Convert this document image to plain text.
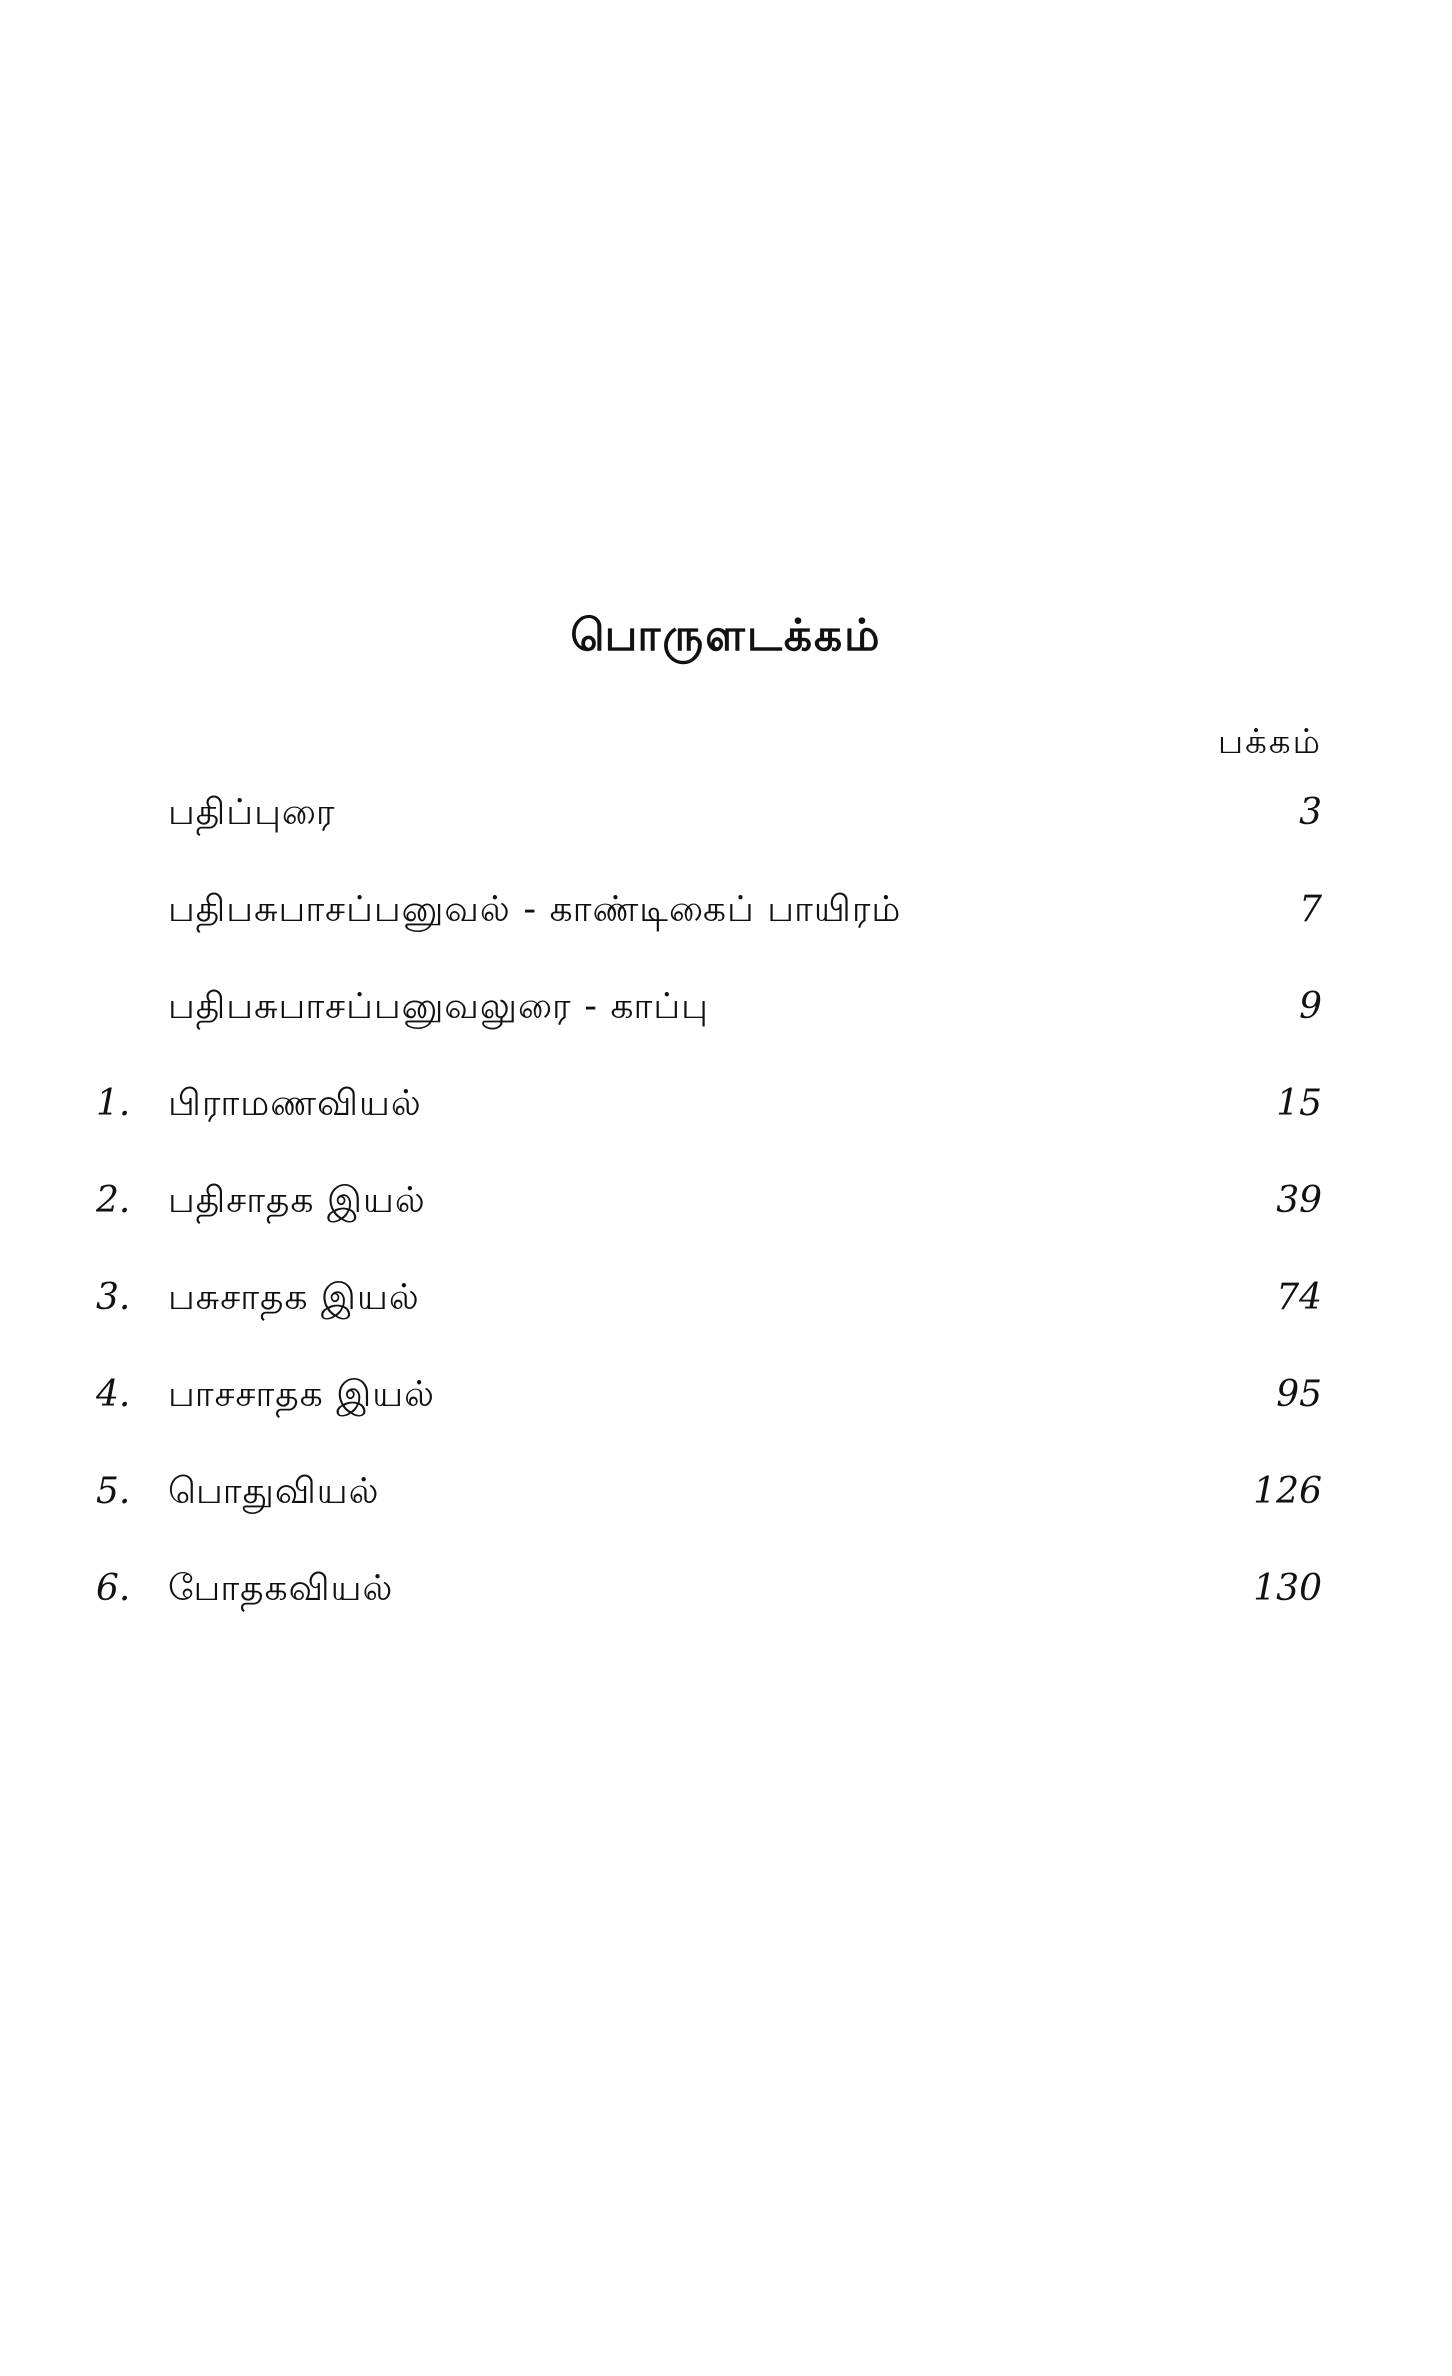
பொருளடக்கம்
பக்கம்
பதிப்புரை	3
பதிபசுபாசப்பனுவல் - காண்டிகைப் பாயிரம்	7
பதிபசுபாசப்பனுவலுரை - காப்பு	9
1.	பிராமணவியல்	15
2.	பதிசாதக இயல்	39
3.	பசுசாதக இயல்	74
4.	பாசசாதக இயல்	95
5.	பொதுவியல்	126
6.	போதகவியல்	130
